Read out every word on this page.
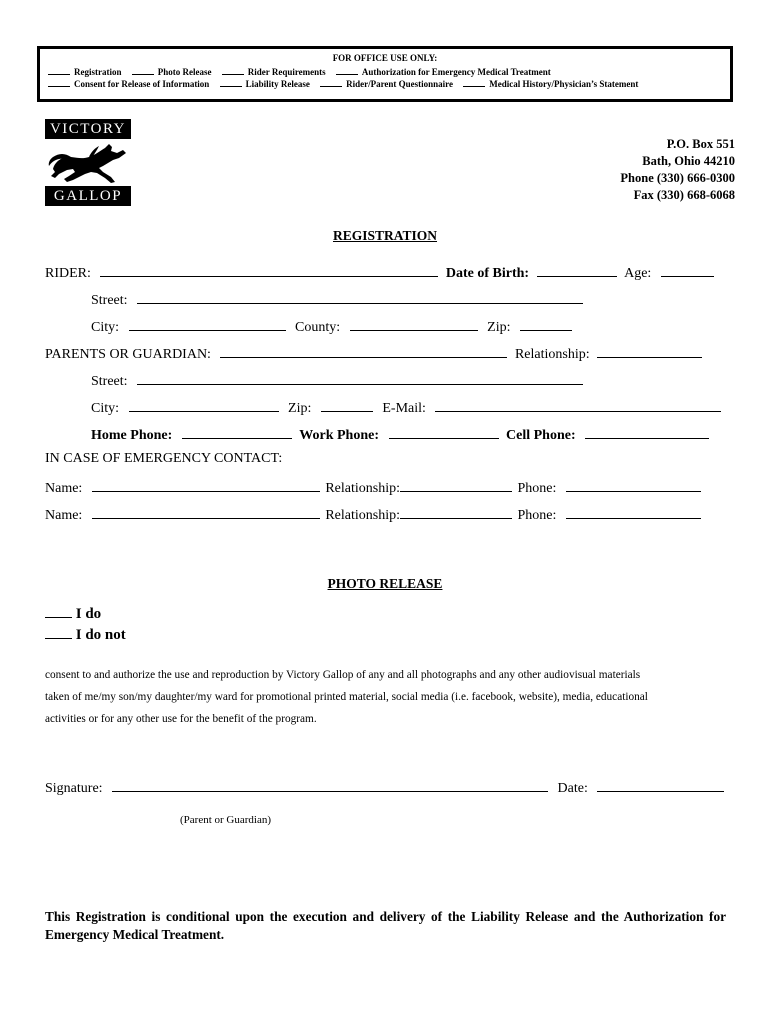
FOR OFFICE USE ONLY:
Registration	Photo Release	Rider Requirements	Authorization for Emergency Medical Treatment
Consent for Release of Information	Liability Release	Rider/Parent Questionnaire	Medical History/Physician’s Statement
VICTORY
GALLOP
P.O. Box 551
Bath, Ohio 44210
Phone (330) 666-0300
Fax (330) 668-6068
REGISTRATION
RIDER:	Date of Birth:	Age:
Street:
City:	County:	Zip:
PARENTS OR GUARDIAN:	Relationship:
Street:
City:	Zip:	E-Mail:
Home Phone:	Work Phone:	Cell Phone:
IN CASE OF EMERGENCY CONTACT:
Name:	Relationship:	Phone:
Name:	Relationship:	Phone:
PHOTO RELEASE
I do
I do not
consent to and authorize the use and reproduction by Victory Gallop of any and all photographs and any other audiovisual materials
taken of me/my son/my daughter/my ward for promotional printed material, social media (i.e. facebook, website), media, educational
activities or for any other use for the benefit of the program.
Signature:	Date:
(Parent or Guardian)
This Registration is conditional upon the execution and delivery of the Liability Release and the Authorization for Emergency Medical Treatment.
